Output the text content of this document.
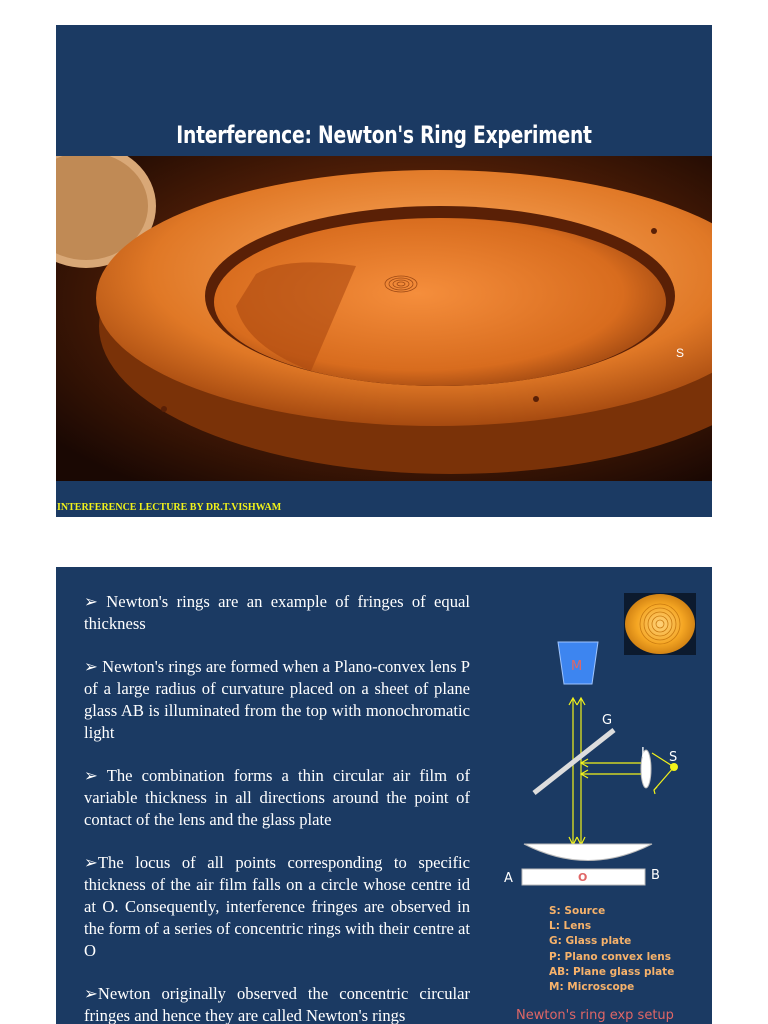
Interference: Newton's Ring Experiment
S
INTERFERENCE LECTURE BY DR.T.VISHWAM

➢ Newton's rings are an example of fringes of equal thickness

➢ Newton's rings are formed when a Plano-convex lens P of a large radius of curvature placed on a sheet of plane glass AB is illuminated from the top with monochromatic light

➢ The combination forms a thin circular air film of variable thickness in all directions around the point of contact of the lens and the glass plate

➢The locus of all points corresponding to specific thickness of the air film falls on a circle whose centre id at O. Consequently, interference fringes are observed in the form of a series of concentric rings with their centre at O

➢Newton originally observed the concentric circular fringes and hence they are called Newton's rings

M
O
G
L S
P
A	B
S: Source
L: Lens
G: Glass plate
P: Plano convex lens
AB: Plane glass plate
M: Microscope
Newton's ring exp setup
